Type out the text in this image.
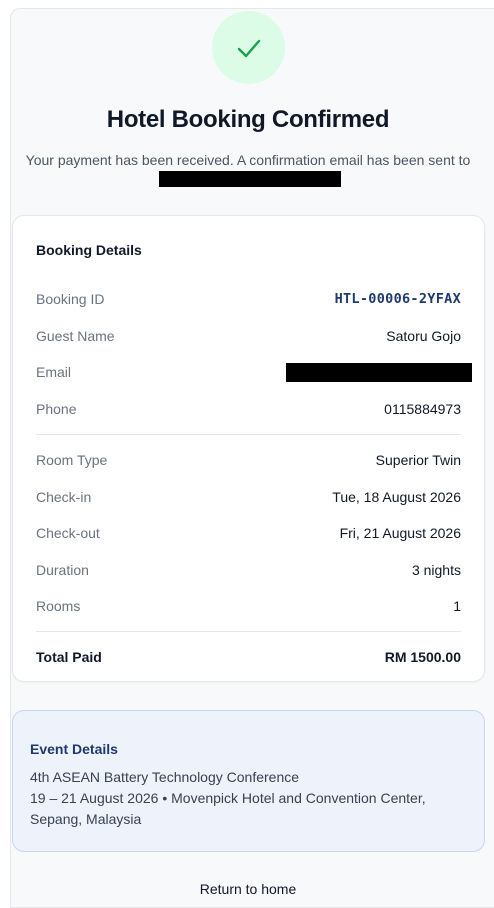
Hotel Booking Confirmed
Your payment has been received. A confirmation email has been sent to
Booking Details
Booking ID	HTL-00006-2YFAX
Guest Name	Satoru Gojo
Email
Phone	0115884973
Room Type	Superior Twin
Check-in	Tue, 18 August 2026
Check-out	Fri, 21 August 2026
Duration	3 nights
Rooms	1
Total Paid	RM 1500.00
Event Details
4th ASEAN Battery Technology Conference
19 – 21 August 2026 • Movenpick Hotel and Convention Center, Sepang, Malaysia
Return to home
